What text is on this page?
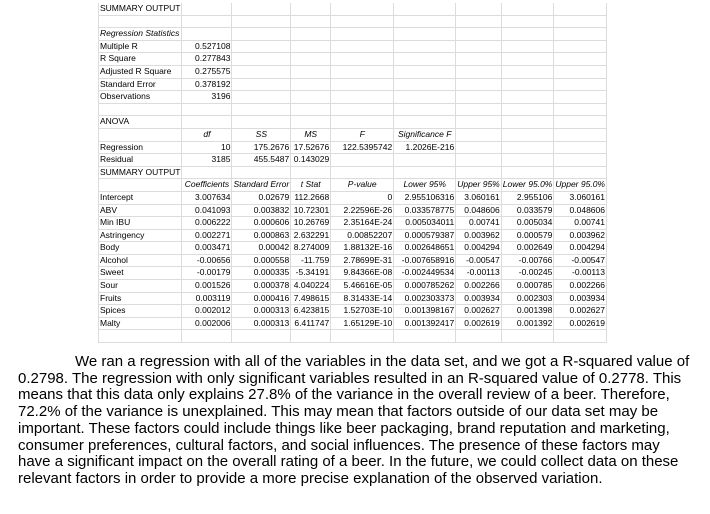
SUMMARY OUTPUT								

Regression Statistics								
Multiple R	0.527108							
R Square	0.277843							
Adjusted R Square	0.275575							
Standard Error	0.378192							
Observations	3196							

ANOVA								
	df	SS	MS	F	Significance F			
Regression	10	175.2676	17.52676	122.5395742	1.2026E-216			
Residual	3185	455.5487	0.143029					
SUMMARY OUTPUT								
	Coefficients	Standard Error	t Stat	P-value	Lower 95%	Upper 95%	Lower 95.0%	Upper 95.0%
Intercept	3.007634	0.02679	112.2668	0	2.955106316	3.060161	2.955106	3.060161
ABV	0.041093	0.003832	10.72301	2.22596E-26	0.033578775	0.048606	0.033579	0.048606
Min IBU	0.006222	0.000606	10.26769	2.35164E-24	0.005034011	0.00741	0.005034	0.00741
Astringency	0.002271	0.000863	2.632291	0.00852207	0.000579387	0.003962	0.000579	0.003962
Body	0.003471	0.00042	8.274009	1.88132E-16	0.002648651	0.004294	0.002649	0.004294
Alcohol	-0.00656	0.000558	-11.759	2.78699E-31	-0.007658916	-0.00547	-0.00766	-0.00547
Sweet	-0.00179	0.000335	-5.34191	9.84366E-08	-0.002449534	-0.00113	-0.00245	-0.00113
Sour	0.001526	0.000378	4.040224	5.46616E-05	0.000785262	0.002266	0.000785	0.002266
Fruits	0.003119	0.000416	7.498615	8.31433E-14	0.002303373	0.003934	0.002303	0.003934
Spices	0.002012	0.000313	6.423815	1.52703E-10	0.001398167	0.002627	0.001398	0.002627
Malty	0.002006	0.000313	6.411747	1.65129E-10	0.001392417	0.002619	0.001392	0.002619

We ran a regression with all of the variables in the data set, and we got a R-squared value of 0.2798. The regression with only significant variables resulted in an R-squared value of 0.2778. This means that this data only explains 27.8% of the variance in the overall review of a beer. Therefore, 72.2% of the variance is unexplained. This may mean that factors outside of our data set may be important. These factors could include things like beer packaging, brand reputation and marketing, consumer preferences, cultural factors, and social influences. The presence of these factors may have a significant impact on the overall rating of a beer. In the future, we could collect data on these relevant factors in order to provide a more precise explanation of the observed variation.
